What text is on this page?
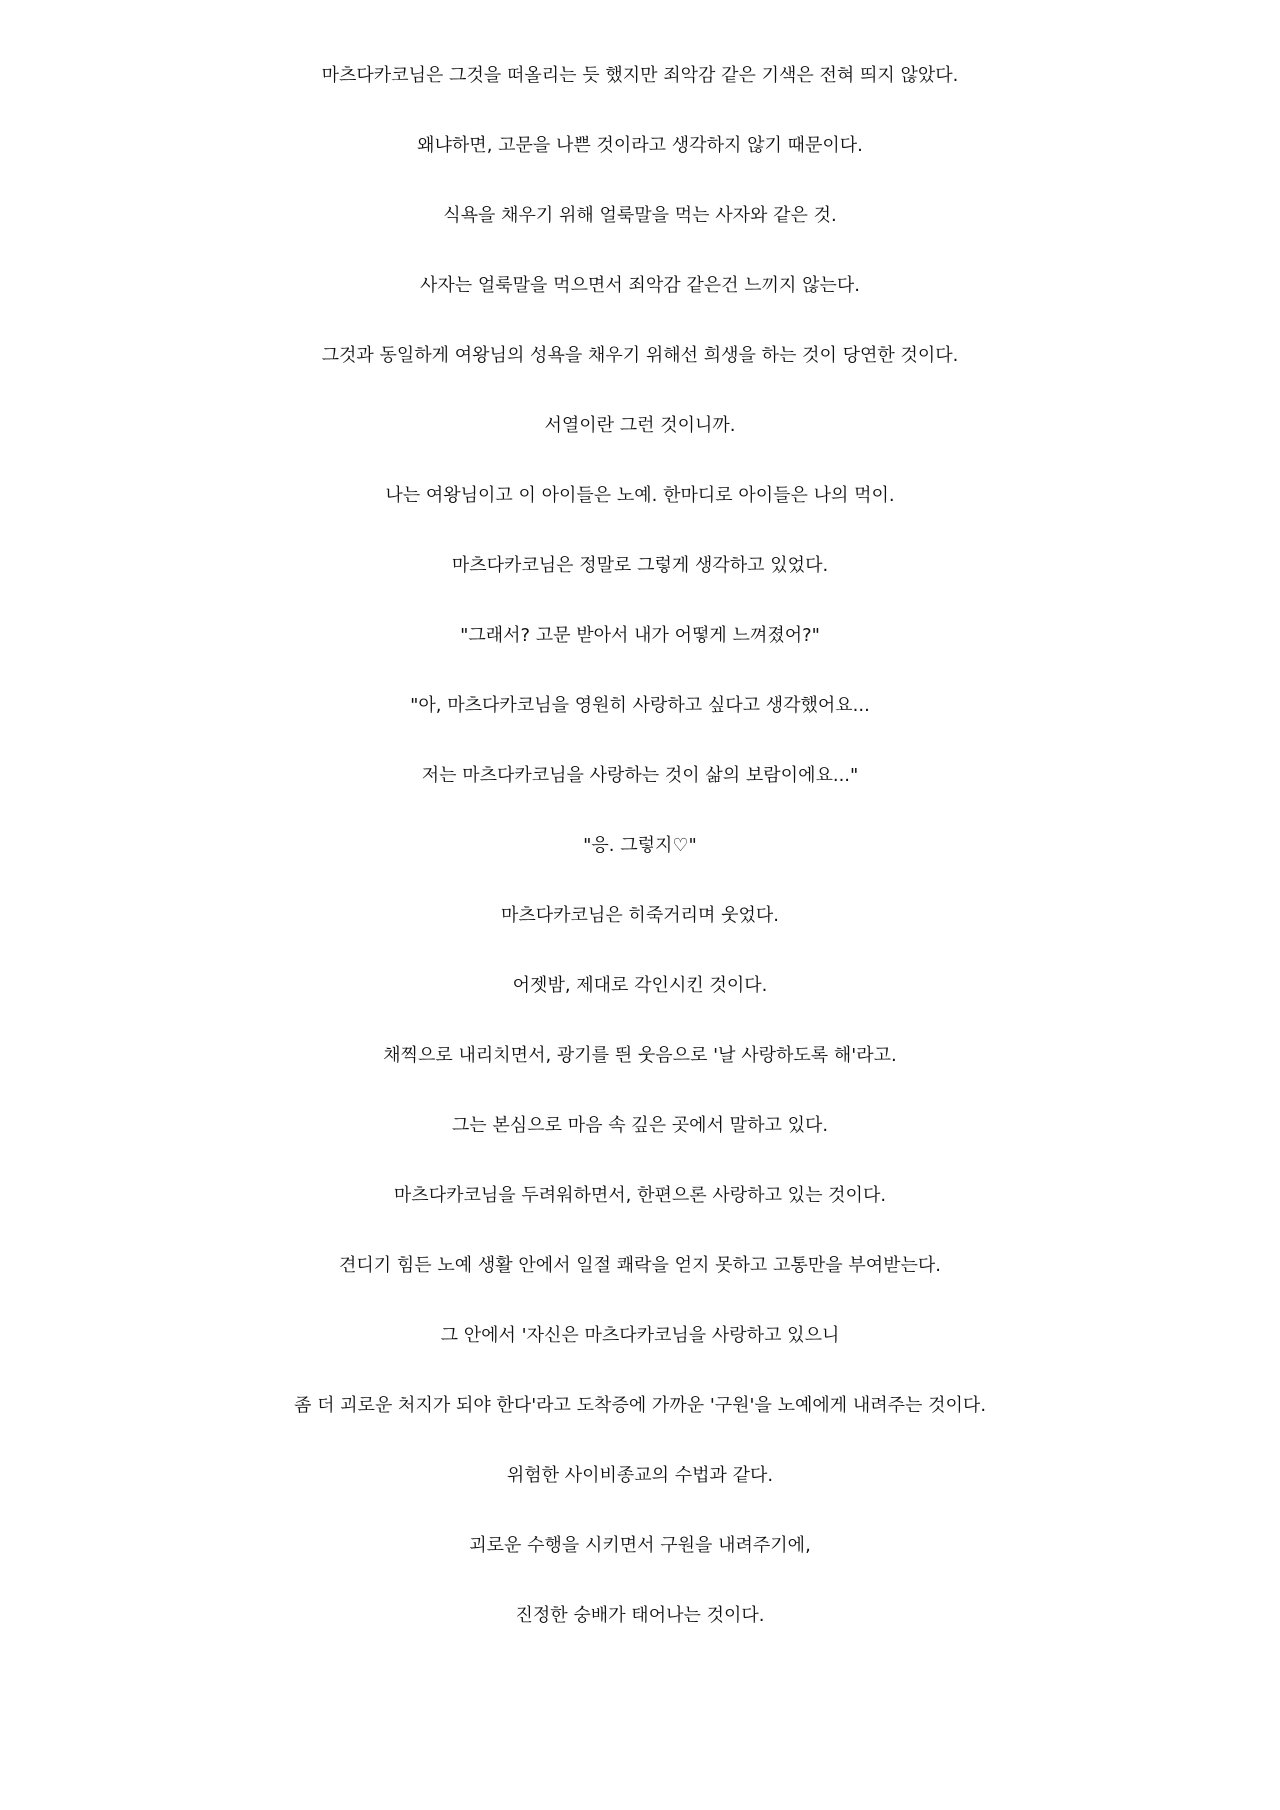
마츠다카코님은 그것을 떠올리는 듯 했지만 죄악감 같은 기색은 전혀 띄지 않았다.

왜냐하면, 고문을 나쁜 것이라고 생각하지 않기 때문이다.

식욕을 채우기 위해 얼룩말을 먹는 사자와 같은 것.

사자는 얼룩말을 먹으면서 죄악감 같은건 느끼지 않는다.

그것과 동일하게 여왕님의 성욕을 채우기 위해선 희생을 하는 것이 당연한 것이다.

서열이란 그런 것이니까.

나는 여왕님이고 이 아이들은 노예. 한마디로 아이들은 나의 먹이.

마츠다카코님은 정말로 그렇게 생각하고 있었다.

"그래서? 고문 받아서 내가 어떻게 느껴졌어?"

"아, 마츠다카코님을 영원히 사랑하고 싶다고 생각했어요...

저는 마츠다카코님을 사랑하는 것이 삶의 보람이에요..."

"응. 그렇지♡"

마츠다카코님은 히죽거리며 웃었다.

어젯밤, 제대로 각인시킨 것이다.

채찍으로 내리치면서, 광기를 띈 웃음으로 '날 사랑하도록 해'라고.

그는 본심으로 마음 속 깊은 곳에서 말하고 있다.

마츠다카코님을 두려워하면서, 한편으론 사랑하고 있는 것이다.

견디기 힘든 노예 생활 안에서 일절 쾌락을 얻지 못하고 고통만을 부여받는다.

그 안에서 '자신은 마츠다카코님을 사랑하고 있으니

좀 더 괴로운 처지가 되야 한다'라고 도착증에 가까운 '구원'을 노예에게 내려주는 것이다.

위험한 사이비종교의 수법과 같다.

괴로운 수행을 시키면서 구원을 내려주기에,

진정한 숭배가 태어나는 것이다.
